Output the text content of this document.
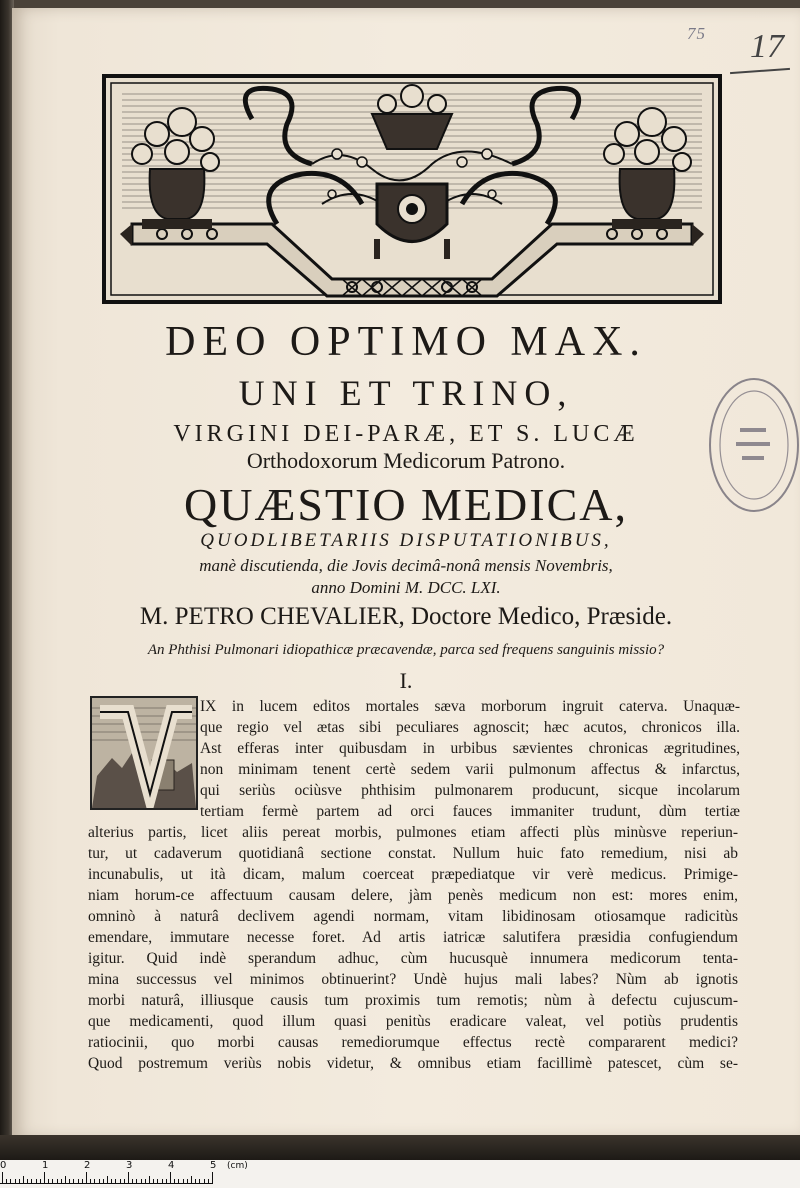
75 17
DEO OPTIMO MAX.
UNI ET TRINO,
VIRGINI DEI-PARÆ, ET S. LUCÆ
Orthodoxorum Medicorum Patrono.
QUÆSTIO MEDICA,
QUODLIBETARIIS DISPUTATIONIBUS,
manè discutienda, die Jovis decimâ-nonâ mensis Novembris,
anno Domini M. DCC. LXI.
M. PETRO CHEVALIER, Doctore Medico, Præside.
An Phthisi Pulmonari idiopathicæ præcavendæ, parca sed frequens sanguinis missio?
I.
IX in lucem editos mortales sæva morborum ingruit caterva. Unaquæ-
que regio vel ætas sibi peculiares agnoscit; hæc acutos, chronicos illa.
Ast efferas inter quibusdam in urbibus sævientes chronicas ægritudines,
non minimam tenent certè sedem varii pulmonum affectus & infarctus,
qui seriùs ociùsve phthisim pulmonarem producunt, sicque incolarum
tertiam fermè partem ad orci fauces immaniter trudunt, dùm tertiæ
alterius partis, licet aliis pereat morbis, pulmones etiam affecti plùs minùsve reperiun-
tur, ut cadaverum quotidianâ sectione constat. Nullum huic fato remedium, nisi ab
incunabulis, ut ità dicam, malum coerceat præpediatque vir verè medicus. Primige-
niam horum-ce affectuum causam delere, jàm penès medicum non est: mores enim,
omninò à naturâ declivem agendi normam, vitam libidinosam otiosamque radicitùs
emendare, immutare necesse foret. Ad artis iatricæ salutifera præsidia confugiendum
igitur. Quid indè sperandum adhuc, cùm hucusquè innumera medicorum tenta-
mina successus vel minimos obtinuerint? Undè hujus mali labes? Nùm ab ignotis
morbi naturâ, illiusque causis tum proximis tum remotis; nùm à defectu cujuscum-
que medicamenti, quod illum quasi penitùs eradicare valeat, vel potiùs prudentis
ratiocinii, quo morbi causas remediorumque effectus rectè compararent medici?
Quod postremum veriùs nobis videtur, & omnibus etiam facillimè patescet, cùm se-
0	1	2	3	4	5 (cm)
